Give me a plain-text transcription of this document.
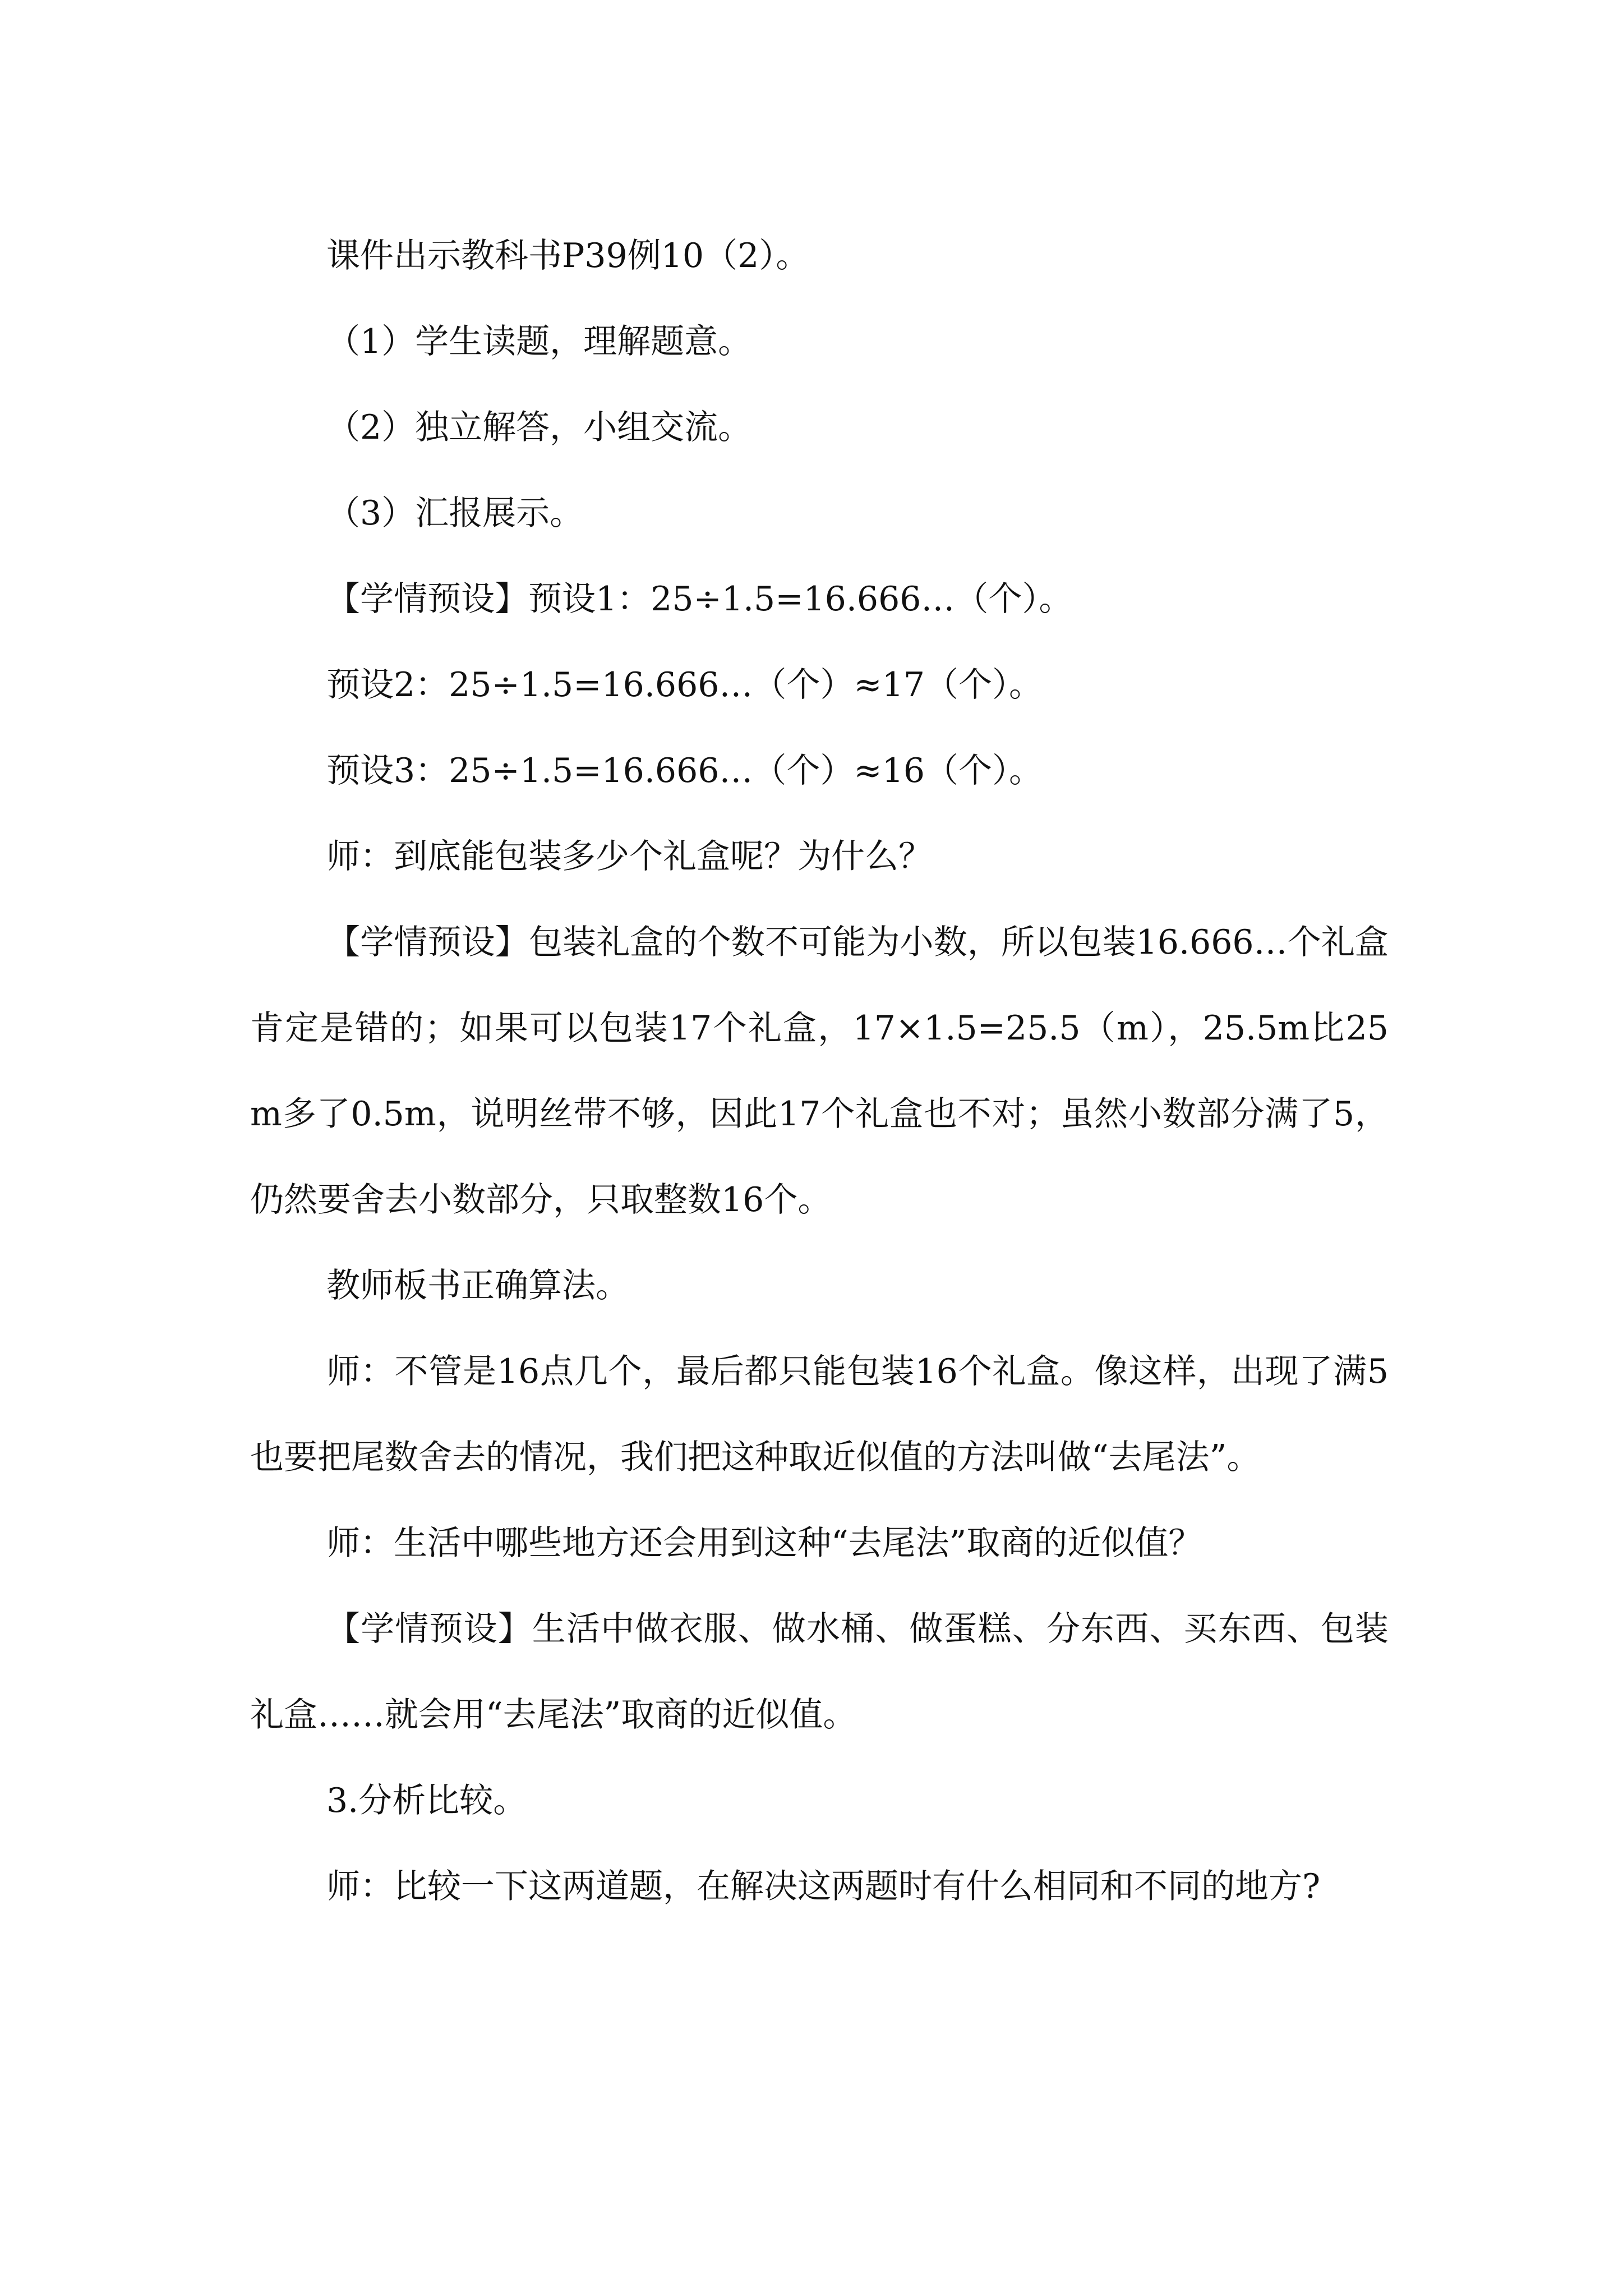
课件出示教科书P39例10（2）。

（1）学生读题，理解题意。

（2）独立解答，小组交流。

（3）汇报展示。

【学情预设】预设1：25÷1.5=16.666…（个）。

预设2：25÷1.5=16.666…（个）≈17（个）。

预设3：25÷1.5=16.666…（个）≈16（个）。

师：到底能包装多少个礼盒呢？为什么？

【学情预设】包装礼盒的个数不可能为小数，所以包装16.666…个礼盒肯定是错的；如果可以包装17个礼盒，17×1.5=25.5（m），25.5m比25m多了0.5m，说明丝带不够，因此17个礼盒也不对；虽然小数部分满了5，仍然要舍去小数部分，只取整数16个。

教师板书正确算法。

师：不管是16点几个，最后都只能包装16个礼盒。像这样，出现了满5也要把尾数舍去的情况，我们把这种取近似值的方法叫做“去尾法”。

师：生活中哪些地方还会用到这种“去尾法”取商的近似值？

【学情预设】生活中做衣服、做水桶、做蛋糕、分东西、买东西、包装礼盒……就会用“去尾法”取商的近似值。

3.分析比较。

师：比较一下这两道题，在解决这两题时有什么相同和不同的地方?
